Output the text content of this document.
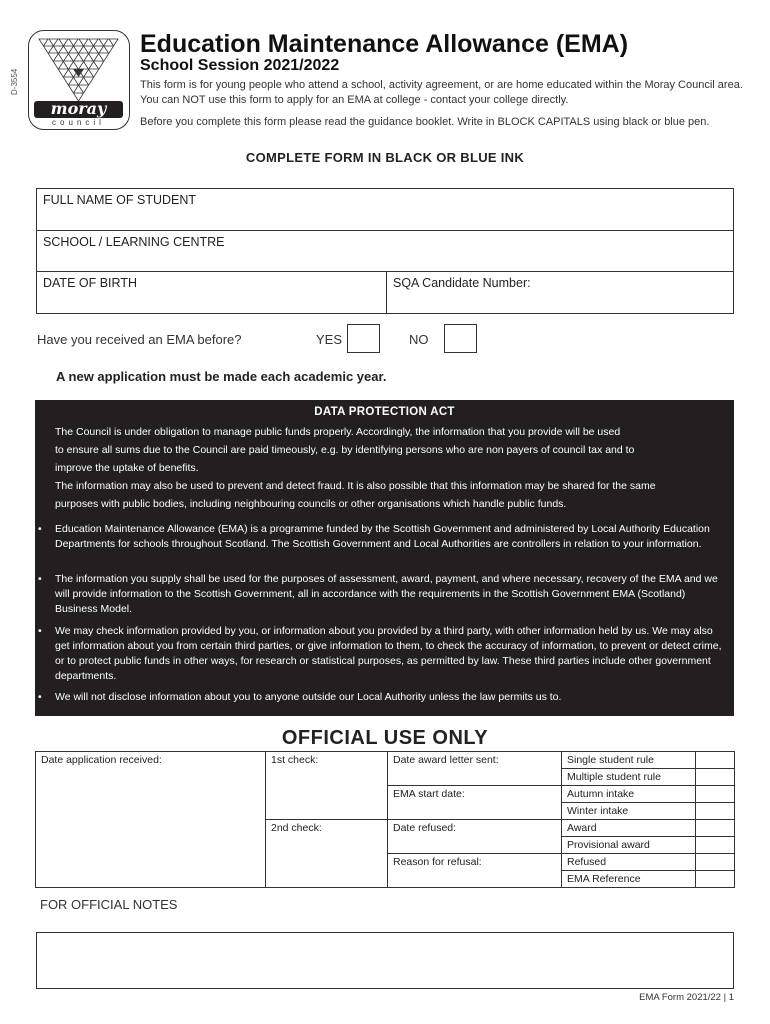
moray
council
D-3554
Education Maintenance Allowance (EMA)
School Session 2021/2022
This form is for young people who attend a school, activity agreement, or are home educated within the Moray Council area. You can NOT use this form to apply for an EMA at college - contact your college directly.
Before you complete this form please read the guidance booklet. Write in BLOCK CAPITALS using black or blue pen.
COMPLETE FORM IN BLACK OR BLUE INK
FULL NAME OF STUDENT
SCHOOL / LEARNING CENTRE
DATE OF BIRTH	SQA Candidate Number:
Have you received an EMA before?	YES	NO
A new application must be made each academic year.
DATA PROTECTION ACT
The Council is under obligation to manage public funds properly. Accordingly, the information that you provide will be used
to ensure all sums due to the Council are paid timeously, e.g. by identifying persons who are non payers of council tax and to
improve the uptake of benefits.
The information may also be used to prevent and detect fraud. It is also possible that this information may be shared for the same
purposes with public bodies, including neighbouring councils or other organisations which handle public funds.
• Education Maintenance Allowance (EMA) is a programme funded by the Scottish Government and administered by Local Authority Education Departments for schools throughout Scotland. The Scottish Government and Local Authorities are controllers in relation to your information.
• The information you supply shall be used for the purposes of assessment, award, payment, and where necessary, recovery of the EMA and we will provide information to the Scottish Government, all in accordance with the requirements in the Scottish Government EMA (Scotland) Business Model.
• We may check information provided by you, or information about you provided by a third party, with other information held by us. We may also get information about you from certain third parties, or give information to them, to check the accuracy of information, to prevent or detect crime, or to protect public funds in other ways, for research or statistical purposes, as permitted by law. These third parties include other government departments.
• We will not disclose information about you to anyone outside our Local Authority unless the law permits us to.
OFFICIAL USE ONLY
Date application received:	1st check:	Date award letter sent:	Single student rule	
			Multiple student rule	
		EMA start date:	Autumn intake	
			Winter intake	
	2nd check:	Date refused:	Award	
			Provisional award	
		Reason for refusal:	Refused	
			EMA Reference	
FOR OFFICIAL NOTES
EMA Form 2021/22 | 1
